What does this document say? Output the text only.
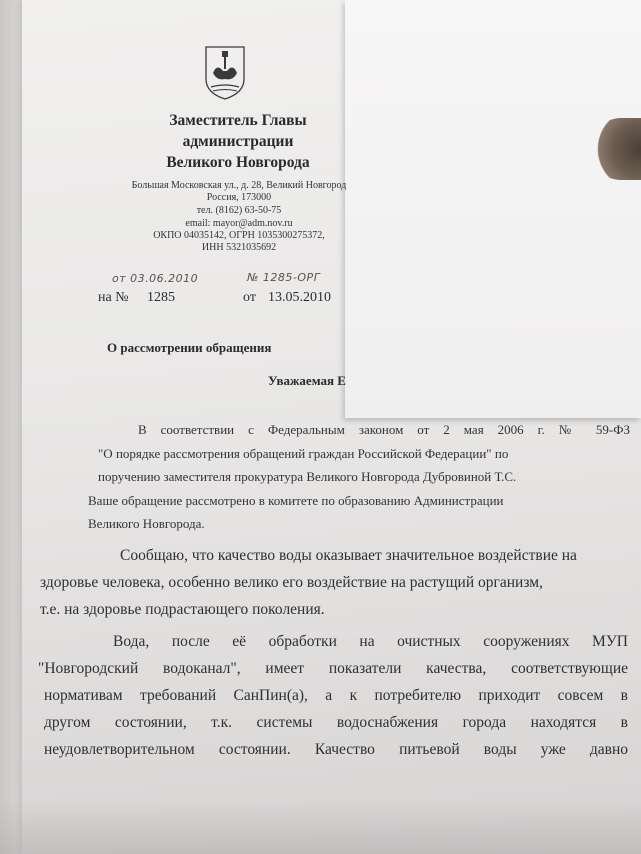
Заместитель Главы
администрации
Великого Новгорода
Большая Московская ул., д. 28, Великий Новгород
Россия, 173000
тел. (8162) 63-50-75
email: mayor@adm.nov.ru
ОКПО 04035142, ОГРН 1035300275372,
ИНН 5321035692
от 03.06.2010	№ 1285-ОРГ
на № 1285	от 13.05.2010
О рассмотрении обращения
Уважаемая Е
В соответствии с Федеральным законом от 2 мая 2006 г. № 59-ФЗ
"О порядке рассмотрения обращений граждан Российской Федерации" по
поручению заместителя прокуратура Великого Новгорода Дубровиной Т.С.
Ваше обращение рассмотрено в комитете по образованию Администрации
Великого Новгорода.
Сообщаю, что качество воды оказывает значительное воздействие на
здоровье человека, особенно велико его воздействие на растущий организм,
т.е. на здоровье подрастающего поколения.
Вода, после её обработки на очистных сооружениях МУП
"Новгородский водоканал", имеет показатели качества, соответствующие
нормативам требований СанПин(а), а к потребителю приходит совсем в
другом состоянии, т.к. системы водоснабжения города находятся в
неудовлетворительном состоянии. Качество питьевой воды уже давно
